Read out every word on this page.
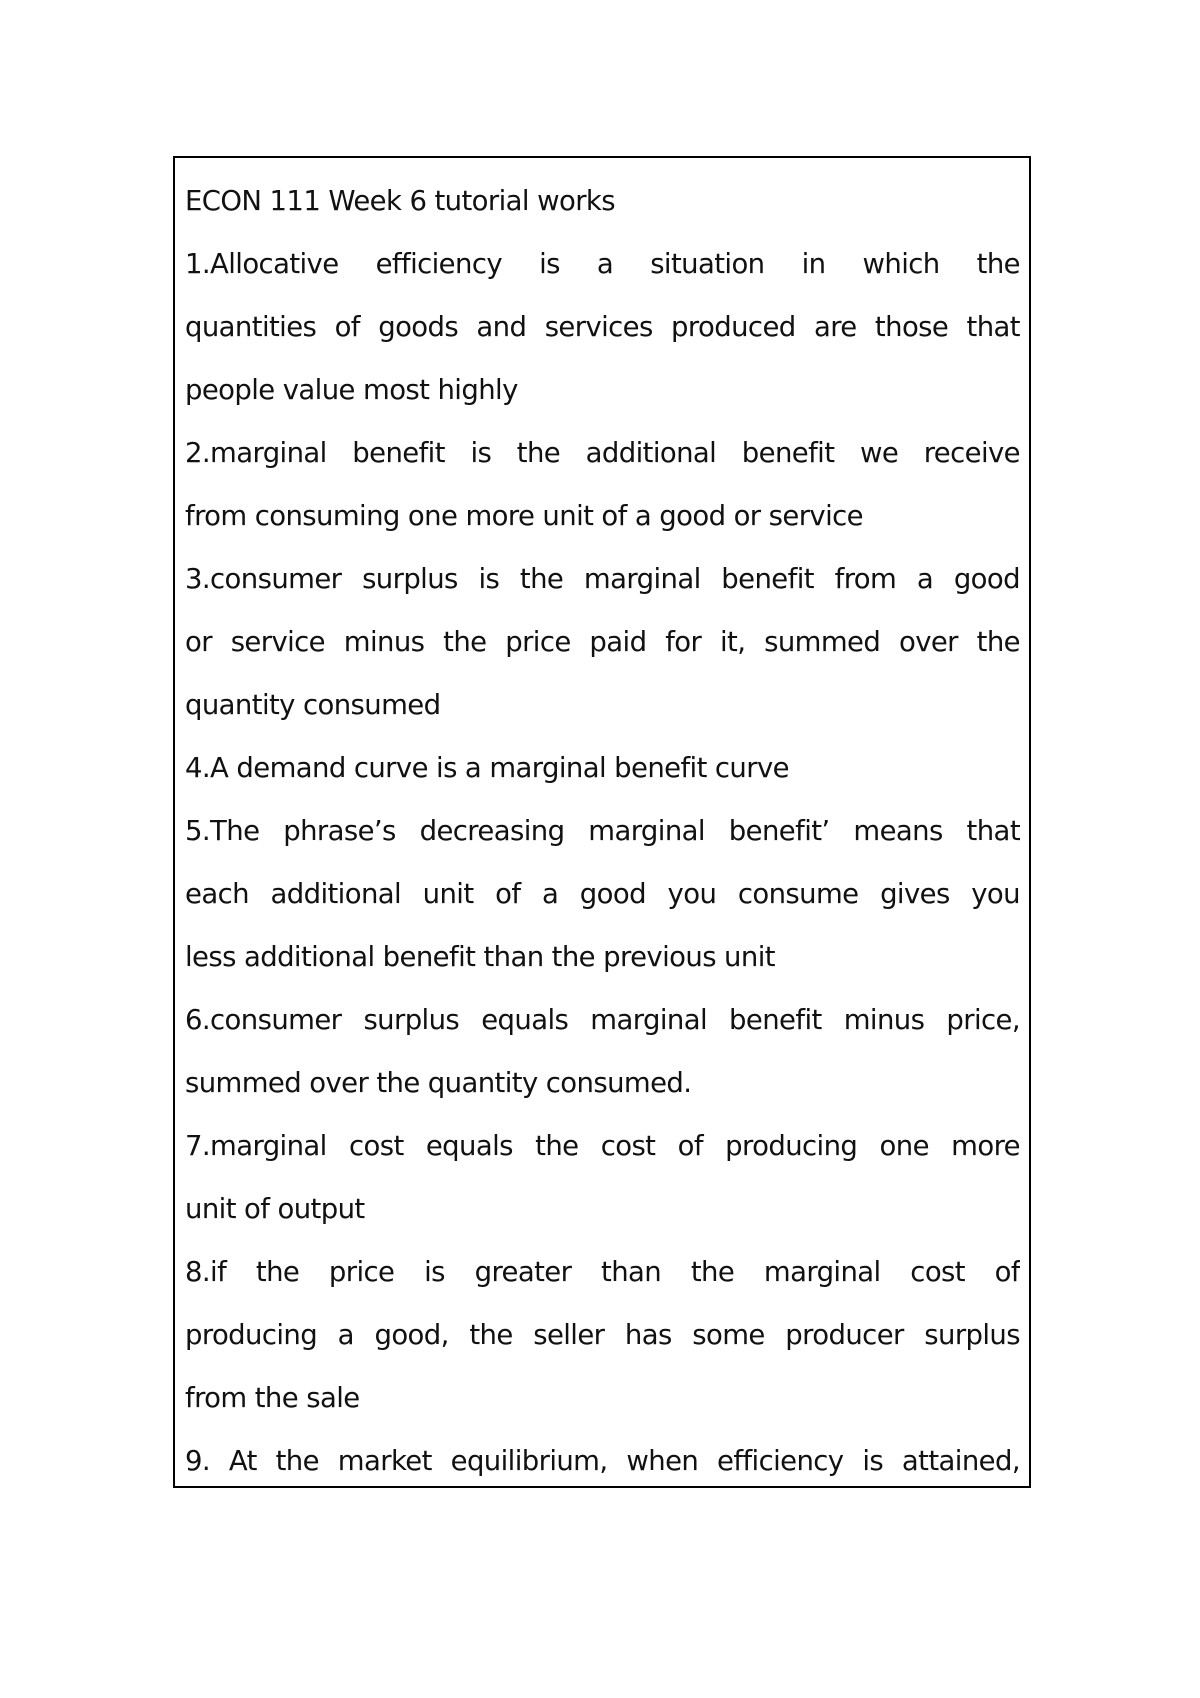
ECON 111 Week 6 tutorial works
1.Allocative efficiency is a situation in which the
quantities of goods and services produced are those that
people value most highly
2.marginal benefit is the additional benefit we receive
from consuming one more unit of a good or service
3.consumer surplus is the marginal benefit from a good
or service minus the price paid for it, summed over the
quantity consumed
4.A demand curve is a marginal benefit curve
5.The phrase’s decreasing marginal benefit’ means that
each additional unit of a good you consume gives you
less additional benefit than the previous unit
6.consumer surplus equals marginal benefit minus price,
summed over the quantity consumed.
7.marginal cost equals the cost of producing one more
unit of output
8.if the price is greater than the marginal cost of
producing a good, the seller has some producer surplus
from the sale
9. At the market equilibrium, when efficiency is attained,
